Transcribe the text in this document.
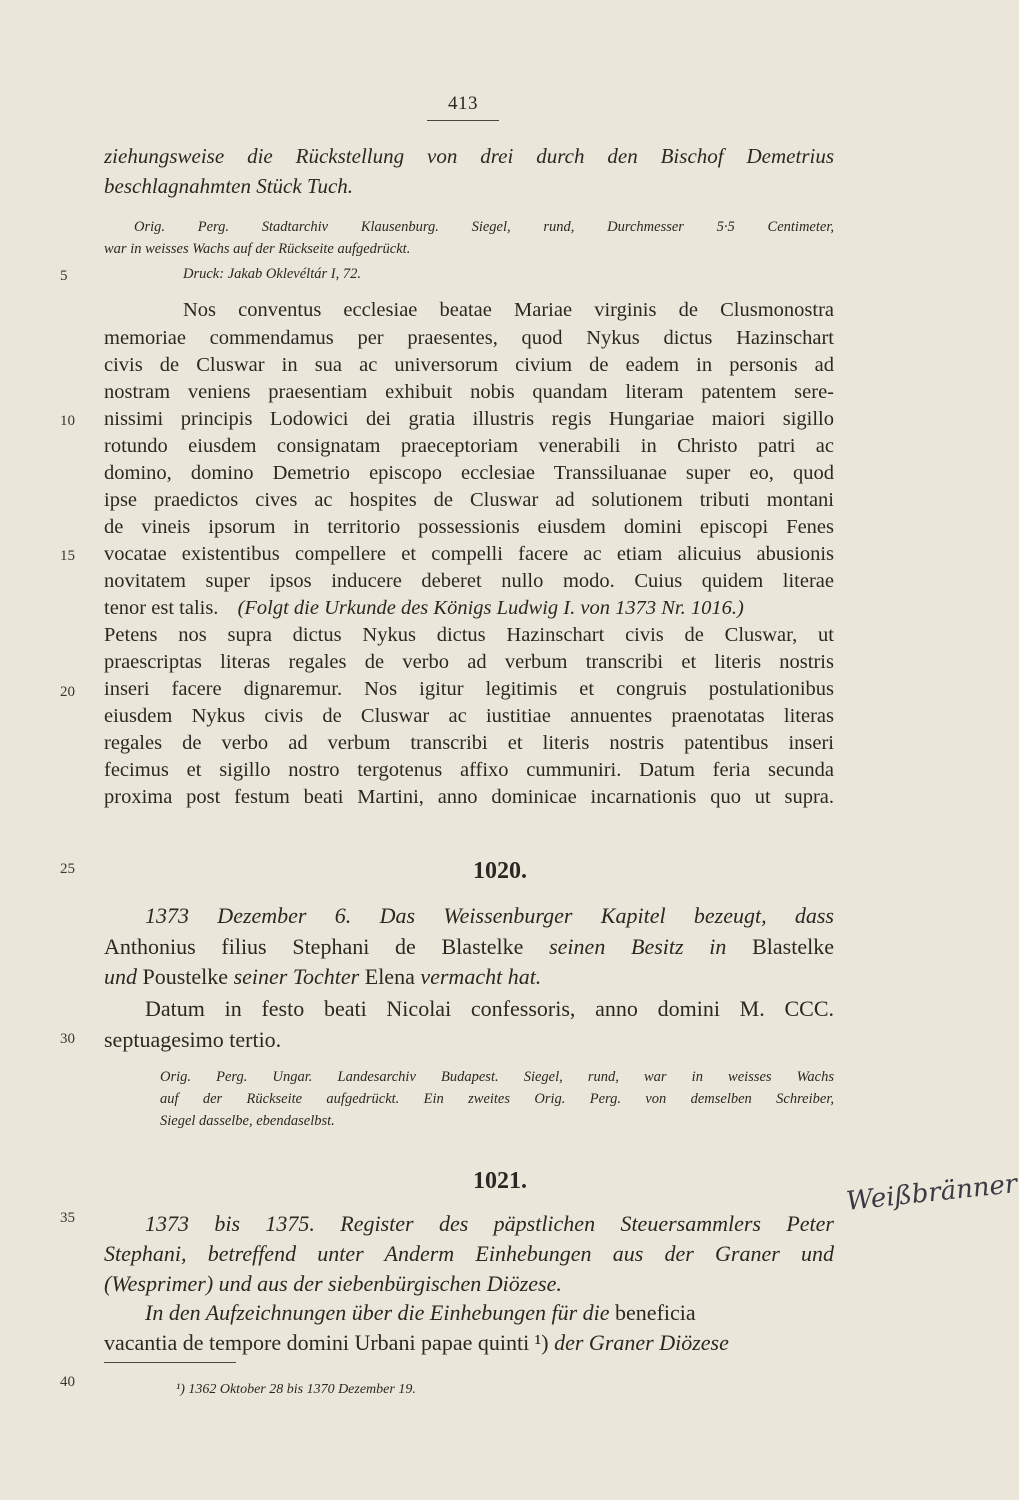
413
5
10
15
20
25
30
35
40
ziehungsweise die Rückstellung von drei durch den Bischof Demetrius
beschlagnahmten Stück Tuch.
Orig. Perg. Stadtarchiv Klausenburg. Siegel, rund, Durchmesser 5·5 Centimeter,
war in weisses Wachs auf der Rückseite aufgedrückt.
Druck: Jakab Oklevéltár I, 72.
Nos conventus ecclesiae beatae Mariae virginis de Clusmonostra
memoriae commendamus per praesentes, quod Nykus dictus Hazinschart
civis de Cluswar in sua ac universorum civium de eadem in personis ad
nostram veniens praesentiam exhibuit nobis quandam literam patentem sere-
nissimi principis Lodowici dei gratia illustris regis Hungariae maiori sigillo
rotundo eiusdem consignatam praeceptoriam venerabili in Christo patri ac
domino, domino Demetrio episcopo ecclesiae Transsiluanae super eo, quod
ipse praedictos cives ac hospites de Cluswar ad solutionem tributi montani
de vineis ipsorum in territorio possessionis eiusdem domini episcopi Fenes
vocatae existentibus compellere et compelli facere ac etiam alicuius abusionis
novitatem super ipsos inducere deberet nullo modo. Cuius quidem literae
tenor est talis. (Folgt die Urkunde des Königs Ludwig I. von 1373 Nr. 1016.)
Petens nos supra dictus Nykus dictus Hazinschart civis de Cluswar, ut
praescriptas literas regales de verbo ad verbum transcribi et literis nostris
inseri facere dignaremur. Nos igitur legitimis et congruis postulationibus
eiusdem Nykus civis de Cluswar ac iustitiae annuentes praenotatas literas
regales de verbo ad verbum transcribi et literis nostris patentibus inseri
fecimus et sigillo nostro tergotenus affixo cummuniri. Datum feria secunda
proxima post festum beati Martini, anno dominicae incarnationis quo ut supra.
1020.
1373 Dezember 6. Das Weissenburger Kapitel bezeugt, dass
Anthonius filius Stephani de Blastelke seinen Besitz in Blastelke
und Poustelke seiner Tochter Elena vermacht hat.
Datum in festo beati Nicolai confessoris, anno domini M. CCC.
septuagesimo tertio.
Orig. Perg. Ungar. Landesarchiv Budapest. Siegel, rund, war in weisses Wachs
auf der Rückseite aufgedrückt. Ein zweites Orig. Perg. von demselben Schreiber,
Siegel dasselbe, ebendaselbst.
1021.
1373 bis 1375. Register des päpstlichen Steuersammlers Peter
Stephani, betreffend unter Anderm Einhebungen aus der Graner und
(Wesprimer) und aus der siebenbürgischen Diözese.
In den Aufzeichnungen über die Einhebungen für die beneficia
vacantia de tempore domini Urbani papae quinti ¹) der Graner Diözese
Weißbränner
¹) 1362 Oktober 28 bis 1370 Dezember 19.
